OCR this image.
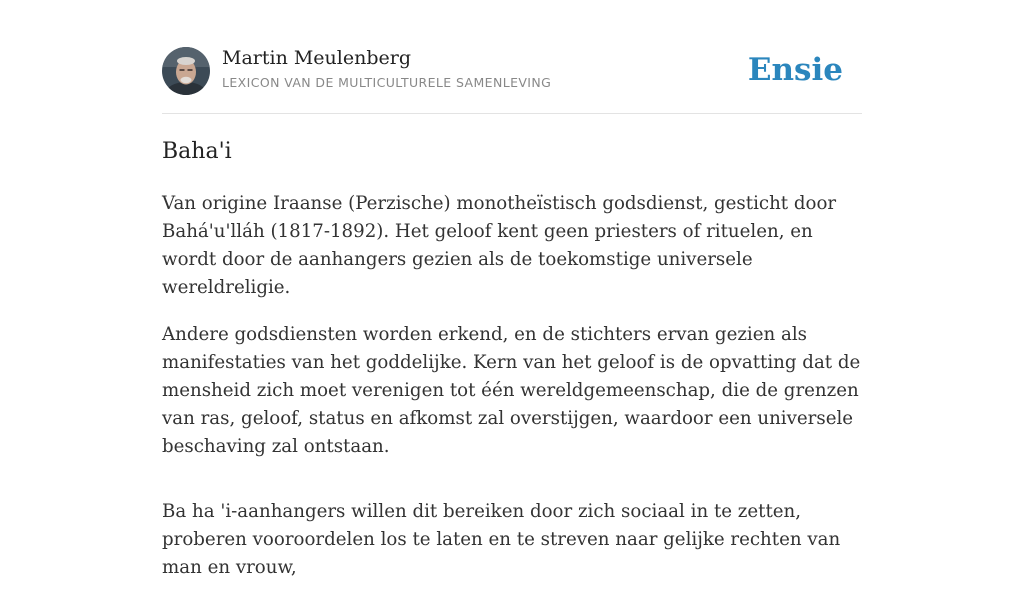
Martin Meulenberg
LEXICON VAN DE MULTICULTURELE SAMENLEVING	Ensie
Baha'i

Van origine Iraanse (Perzische) monotheïstisch godsdienst, gesticht door Bahá'u'lláh (1817-1892). Het geloof kent geen priesters of rituelen, en wordt door de aanhangers gezien als de toekomstige universele wereldreligie.

Andere godsdiensten worden erkend, en de stichters ervan gezien als manifestaties van het goddelijke. Kern van het geloof is de opvatting dat de mensheid zich moet verenigen tot één wereldgemeenschap, die de grenzen van ras, geloof, status en afkomst zal overstijgen, waardoor een universele beschaving zal ontstaan.

Ba ha 'i-aanhangers willen dit bereiken door zich sociaal in te zetten, proberen vooroordelen los te laten en te streven naar gelijke rechten van man en vrouw,
